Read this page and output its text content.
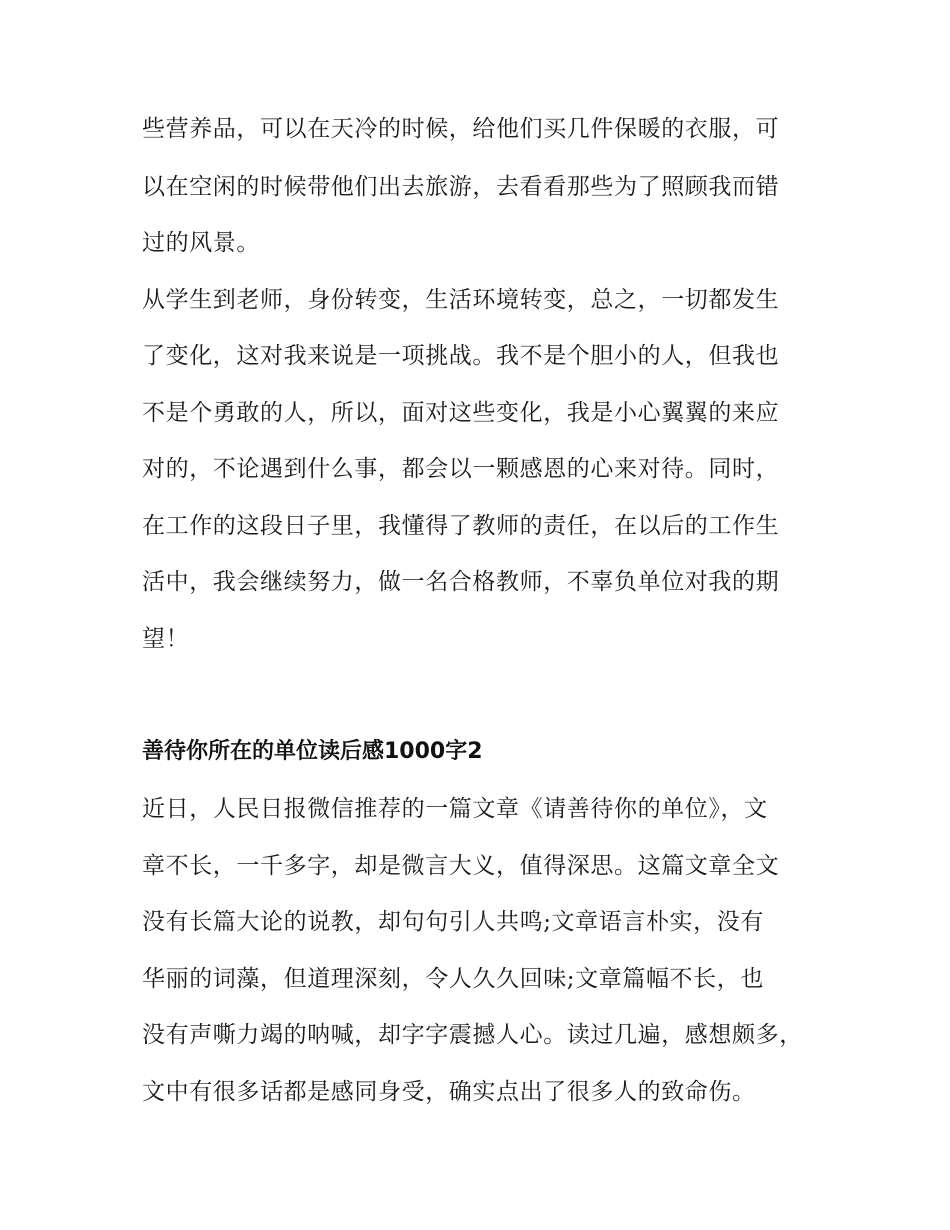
些营养品，可以在天冷的时候，给他们买几件保暖的衣服，可
以在空闲的时候带他们出去旅游，去看看那些为了照顾我而错
过的风景。
从学生到老师，身份转变，生活环境转变，总之，一切都发生
了变化，这对我来说是一项挑战。我不是个胆小的人，但我也
不是个勇敢的人，所以，面对这些变化，我是小心翼翼的来应
对的，不论遇到什么事，都会以一颗感恩的心来对待。同时，
在工作的这段日子里，我懂得了教师的责任，在以后的工作生
活中，我会继续努力，做一名合格教师，不辜负单位对我的期
望！
善待你所在的单位读后感1000字2
近日，人民日报微信推荐的一篇文章《请善待你的单位》，文
章不长，一千多字，却是微言大义，值得深思。这篇文章全文
没有长篇大论的说教，却句句引人共鸣;文章语言朴实，没有
华丽的词藻，但道理深刻，令人久久回味;文章篇幅不长，也
没有声嘶力竭的呐喊，却字字震撼人心。读过几遍，感想颇多，
文中有很多话都是感同身受，确实点出了很多人的致命伤。
